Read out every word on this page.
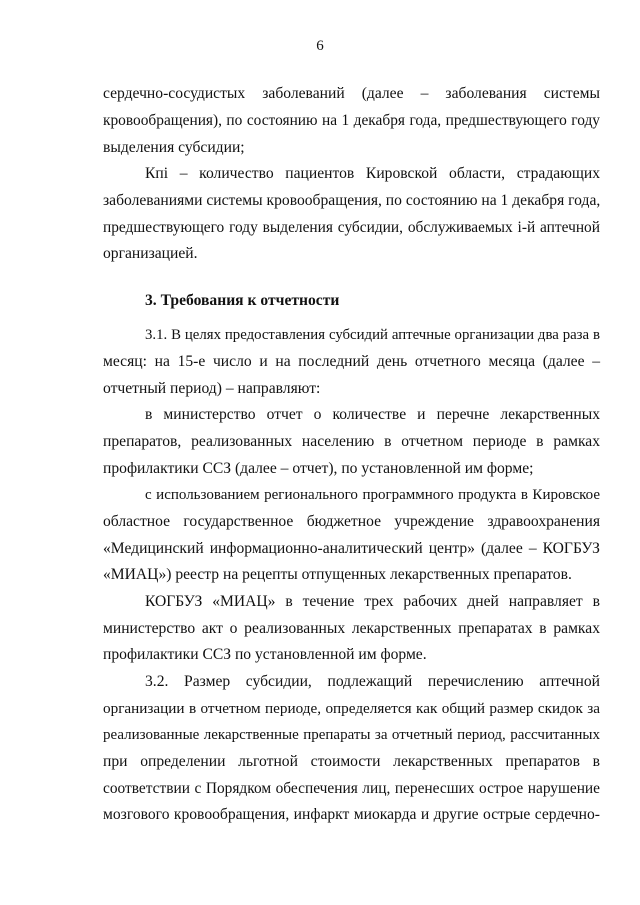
6
сердечно-сосудистых заболеваний (далее – заболевания системы
кровообращения), по состоянию на 1 декабря года, предшествующего году
выделения субсидии;
Кпi – количество пациентов Кировской области, страдающих
заболеваниями системы кровообращения, по состоянию на 1 декабря года,
предшествующего году выделения субсидии, обслуживаемых i-й аптечной
организацией.
3. Требования к отчетности
3.1. В целях предоставления субсидий аптечные организации два раза в
месяц: на 15-е число и на последний день отчетного месяца (далее –
отчетный период) – направляют:
в министерство отчет о количестве и перечне лекарственных
препаратов, реализованных населению в отчетном периоде в рамках
профилактики ССЗ (далее – отчет), по установленной им форме;
с использованием регионального программного продукта в Кировское
областное государственное бюджетное учреждение здравоохранения
«Медицинский информационно-аналитический центр» (далее – КОГБУЗ
«МИАЦ») реестр на рецепты отпущенных лекарственных препаратов.
КОГБУЗ «МИАЦ» в течение трех рабочих дней направляет в
министерство акт о реализованных лекарственных препаратах в рамках
профилактики ССЗ по установленной им форме.
3.2. Размер субсидии, подлежащий перечислению аптечной
организации в отчетном периоде, определяется как общий размер скидок за
реализованные лекарственные препараты за отчетный период, рассчитанных
при определении льготной стоимости лекарственных препаратов в
соответствии с Порядком обеспечения лиц, перенесших острое нарушение
мозгового кровообращения, инфаркт миокарда и другие острые сердечно-
